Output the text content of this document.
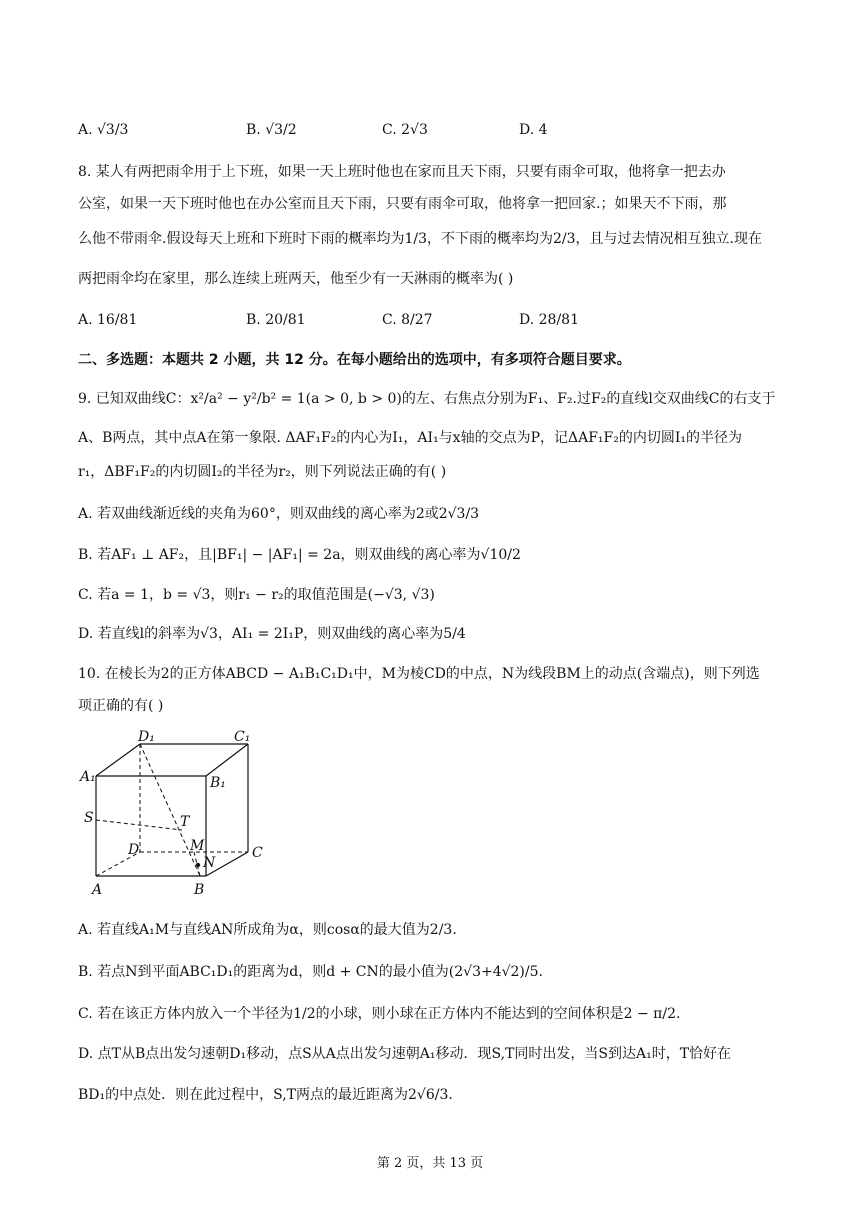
A. √3/3	B. √3/2	C. 2√3	D. 4
8. 某人有两把雨伞用于上下班，如果一天上班时他也在家而且天下雨，只要有雨伞可取，他将拿一把去办
公室，如果一天下班时他也在办公室而且天下雨，只要有雨伞可取，他将拿一把回家.；如果天不下雨，那
么他不带雨伞.假设每天上班和下班时下雨的概率均为1/3，不下雨的概率均为2/3，且与过去情况相互独立.现在
两把雨伞均在家里，那么连续上班两天，他至少有一天淋雨的概率为( )
A. 16/81	B. 20/81	C. 8/27	D. 28/81
二、多选题：本题共 2 小题，共 12 分。在每小题给出的选项中，有多项符合题目要求。
9. 已知双曲线C：x²/a² − y²/b² = 1(a > 0, b > 0)的左、右焦点分别为F₁、F₂.过F₂的直线l交双曲线C的右支于
A、B两点，其中点A在第一象限. ΔAF₁F₂的内心为I₁，AI₁与x轴的交点为P，记ΔAF₁F₂的内切圆I₁的半径为
r₁，ΔBF₁F₂的内切圆I₂的半径为r₂，则下列说法正确的有( )
A. 若双曲线渐近线的夹角为60°，则双曲线的离心率为2或2√3/3
B. 若AF₁ ⊥ AF₂，且|BF₁| − |AF₁| = 2a，则双曲线的离心率为√10/2
C. 若a = 1，b = √3，则r₁ − r₂的取值范围是(−√3, √3)
D. 若直线l的斜率为√3，AI₁ = 2I₁P，则双曲线的离心率为5/4
10. 在棱长为2的正方体ABCD − A₁B₁C₁D₁中，M为棱CD的中点，N为线段BM上的动点(含端点)，则下列选
项正确的有( )
D₁	C₁
A₁	B₁
S	T
D	M
N
C
A	B
A. 若直线A₁M与直线AN所成角为α，则cosα的最大值为2/3.
B. 若点N到平面ABC₁D₁的距离为d，则d + CN的最小值为(2√3+4√2)/5.
C. 若在该正方体内放入一个半径为1/2的小球，则小球在正方体内不能达到的空间体积是2 − π/2.
D. 点T从B点出发匀速朝D₁移动，点S从A点出发匀速朝A₁移动．现S,T同时出发，当S到达A₁时，T恰好在
BD₁的中点处．则在此过程中，S,T两点的最近距离为2√6/3.
第 2 页，共 13 页
